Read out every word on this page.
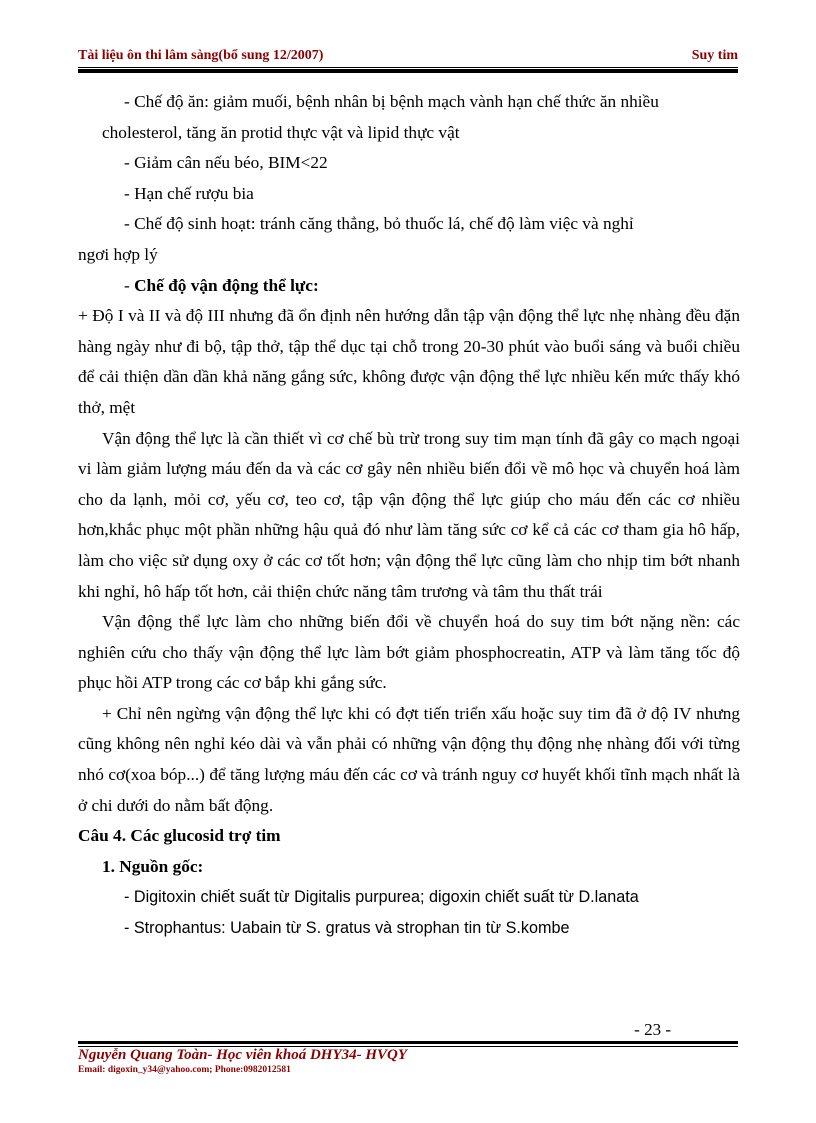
Tài liệu ôn thi lâm sàng(bổ sung 12/2007)	Suy tim

- Chế độ ăn: giảm muối, bệnh nhân bị bệnh mạch vành hạn chế thức ăn nhiều

cholesterol, tăng ăn protid thực vật và lipid thực vật

- Giảm cân nếu béo, BIM<22

- Hạn chế rượu bia

- Chế độ sinh hoạt: tránh căng thẳng, bỏ thuốc lá, chế độ làm việc và nghỉ

ngơi hợp lý

- Chế độ vận động thể lực:

+ Độ I và II và độ III nhưng đã ổn định nên hướng dẫn tập vận động thể lực nhẹ nhàng đều đặn hàng ngày như đi bộ, tập thở, tập thể dục tại chỗ trong 20-30 phút vào buổi sáng và buổi chiều để cải thiện dần dần khả năng gắng sức, không được vận động thể lực nhiều kến mức thấy khó thở, mệt

Vận động thể lực là cần thiết vì cơ chế bù trừ trong suy tim mạn tính đã gây co mạch ngoại vi làm giảm lượng máu đến da và các cơ gây nên nhiều biến đổi về mô học và chuyển hoá làm cho da lạnh, mỏi cơ, yếu cơ, teo cơ, tập vận động thể lực giúp cho máu đến các cơ nhiều hơn,khắc phục một phần những hậu quả đó như làm tăng sức cơ kể cả các cơ tham gia hô hấp, làm cho việc sử dụng oxy ở các cơ tốt hơn; vận động thể lực cũng làm cho nhịp tim bớt nhanh khi nghỉ, hô hấp tốt hơn, cải thiện chức năng tâm trương và tâm thu thất trái

Vận động thể lực làm cho những biến đổi về chuyển hoá do suy tim bớt nặng nền: các nghiên cứu cho thấy vận động thể lực làm bớt giảm phosphocreatin, ATP và làm tăng tốc độ phục hồi ATP trong các cơ bắp khi gắng sức.

+ Chỉ nên ngừng vận động thể lực khi có đợt tiến triển xấu hoặc suy tim đã ở độ IV nhưng cũng không nên nghỉ kéo dài và vẫn phải có những vận động thụ động nhẹ nhàng đối với từng nhó cơ(xoa bóp...) để tăng lượng máu đến các cơ và tránh nguy cơ huyết khối tĩnh mạch nhất là ở chi dưới do nằm bất động.

Câu 4. Các glucosid trợ tim

1. Nguồn gốc:

- Digitoxin chiết suất từ Digitalis purpurea; digoxin chiết suất từ D.lanata

- Strophantus: Uabain từ S. gratus và strophan tin từ S.kombe

- 23 -
Nguyễn Quang Toàn- Học viên khoá DHY34- HVQY
Email: digoxin_y34@yahoo.com; Phone:0982012581
